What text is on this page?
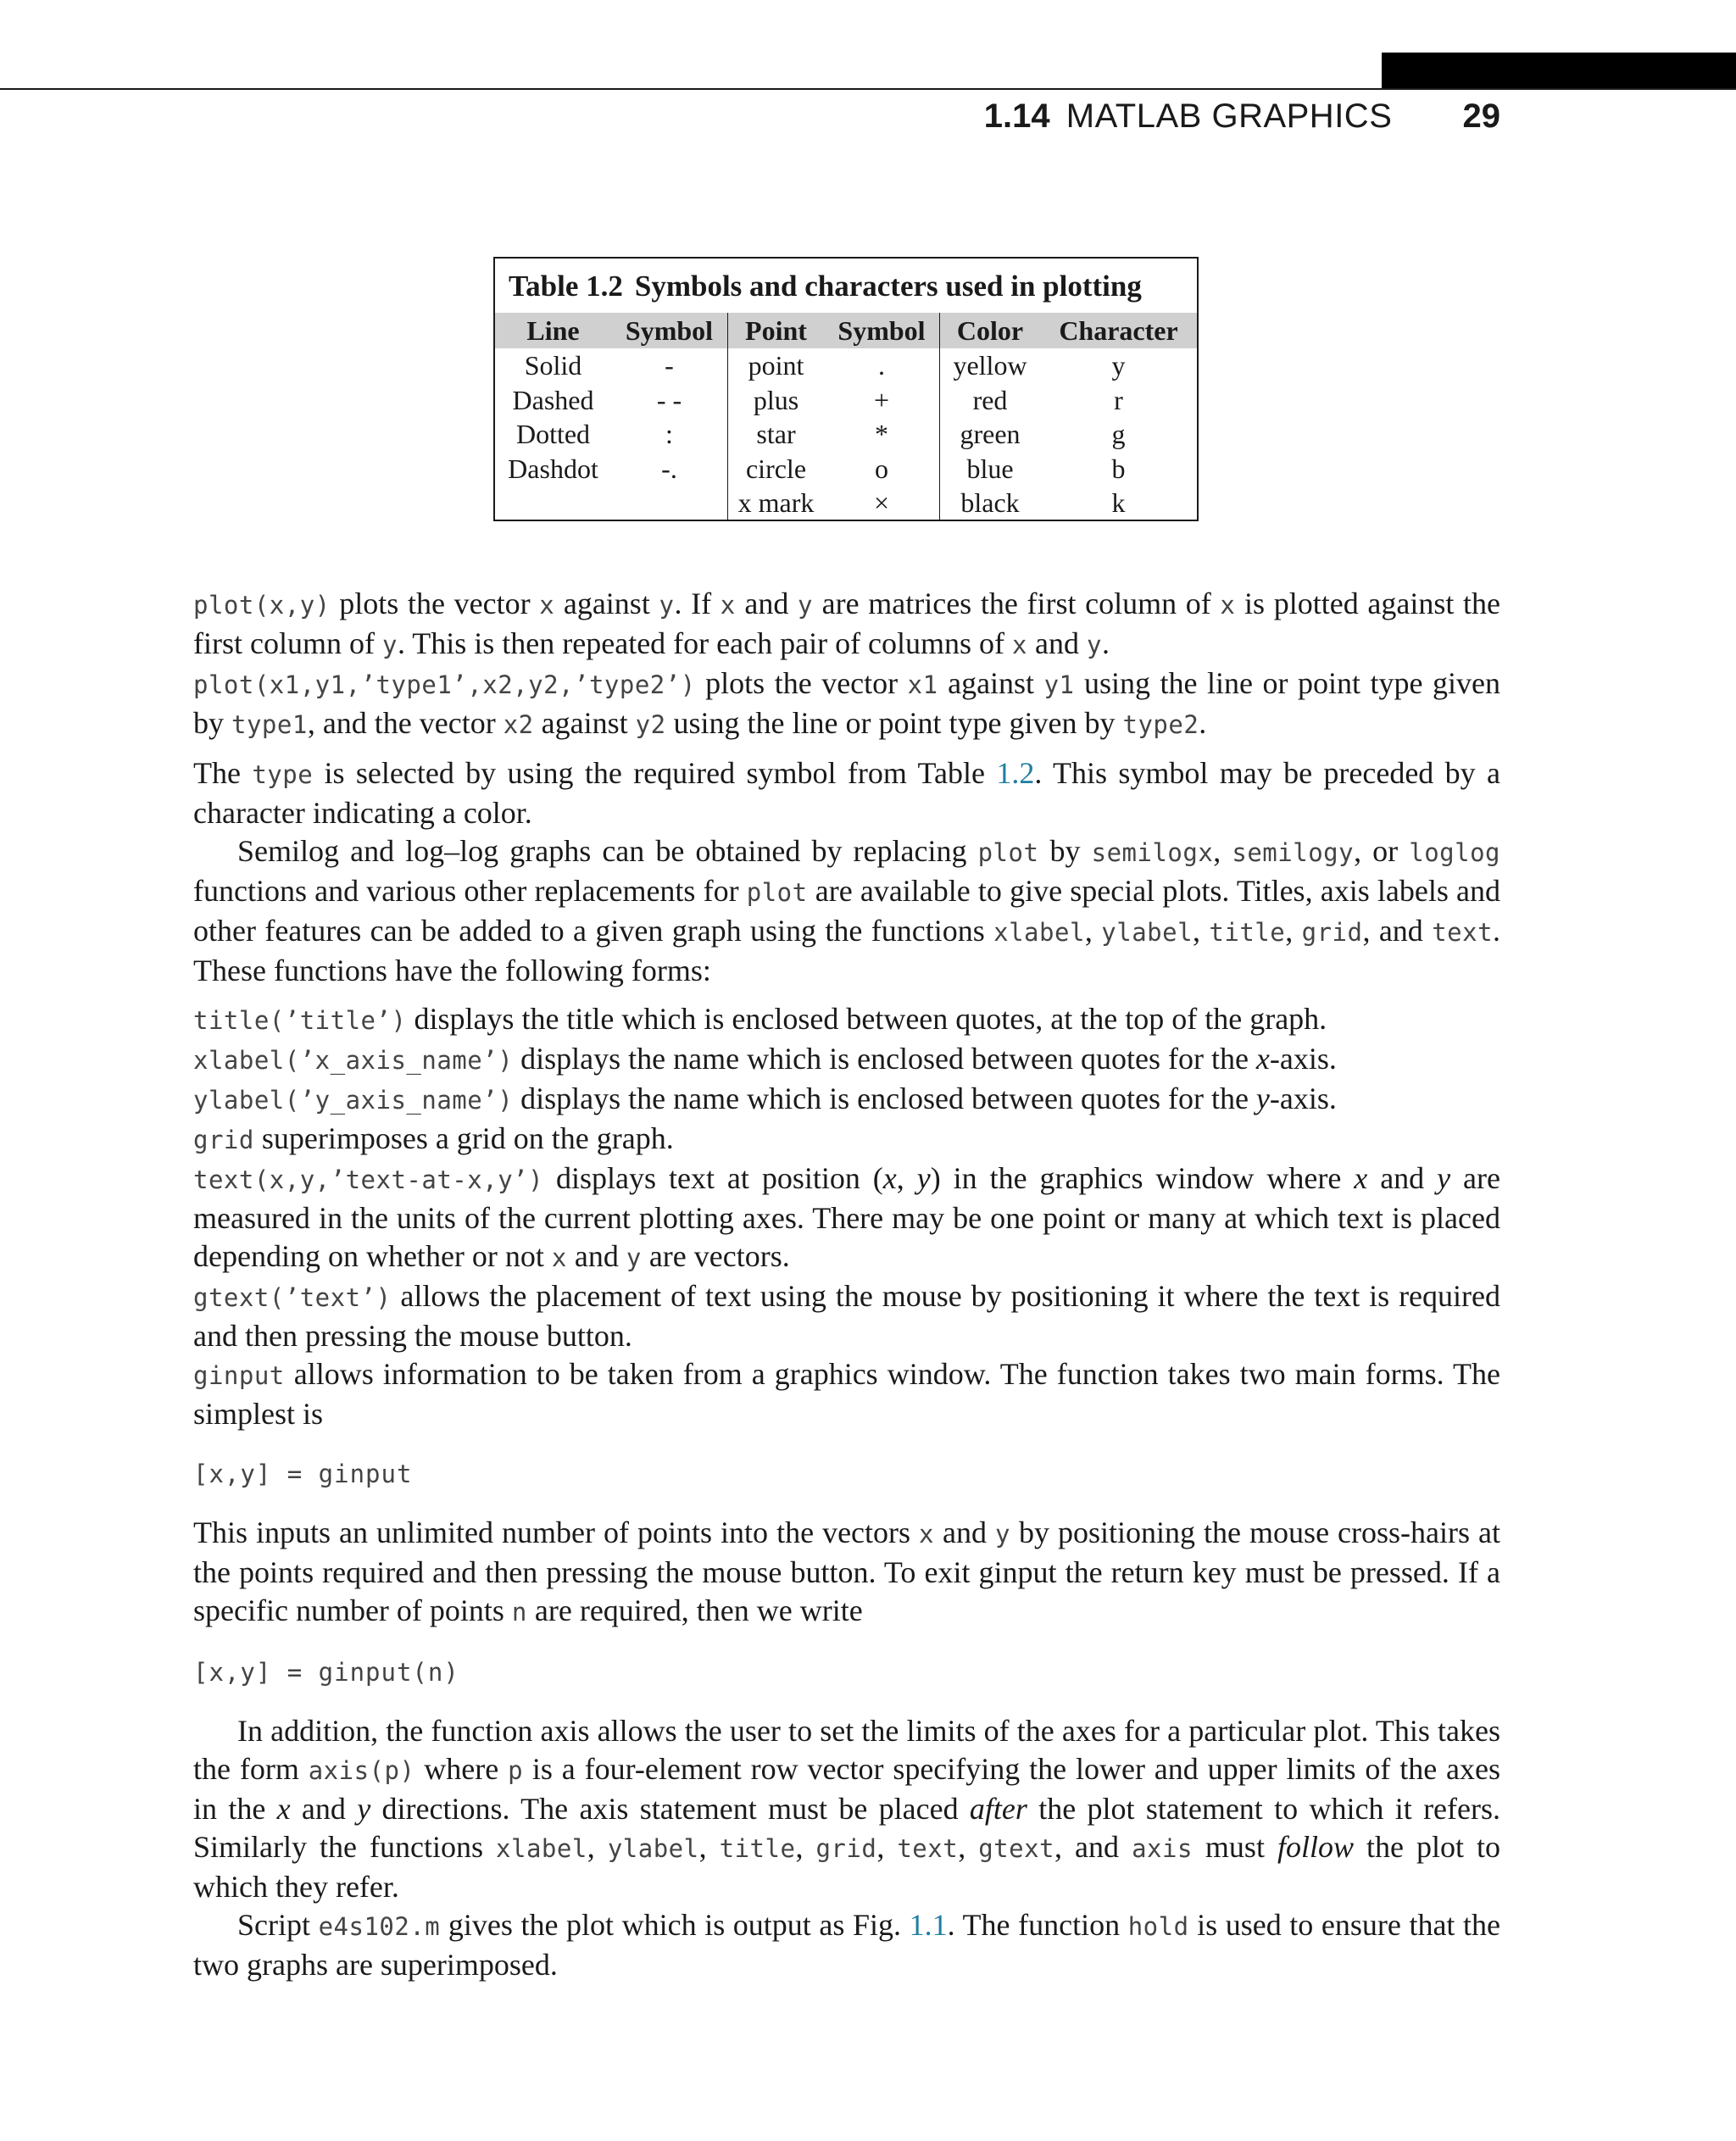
1.14 MATLAB GRAPHICS 29
Table 1.2 Symbols and characters used in plotting
Line	Symbol	Point	Symbol	Color	Character
Solid	-	point	.	yellow	y
Dashed	- -	plus	+	red	r
Dotted	:	star	*	green	g
Dashdot	-.	circle	o	blue	b
		x mark	×	black	k

plot(x,y) plots the vector x against y. If x and y are matrices the first column of x is plotted against the first column of y. This is then repeated for each pair of columns of x and y.

plot(x1,y1,’type1’,x2,y2,’type2’) plots the vector x1 against y1 using the line or point type given by type1, and the vector x2 against y2 using the line or point type given by type2.

The type is selected by using the required symbol from Table 1.2. This symbol may be preceded by a character indicating a color.

Semilog and log–log graphs can be obtained by replacing plot by semilogx, semilogy, or loglog functions and various other replacements for plot are available to give special plots. Titles, axis labels and other features can be added to a given graph using the functions xlabel, ylabel, title, grid, and text. These functions have the following forms:

title(’title’) displays the title which is enclosed between quotes, at the top of the graph.

xlabel(’x_axis_name’) displays the name which is enclosed between quotes for the x-axis.

ylabel(’y_axis_name’) displays the name which is enclosed between quotes for the y-axis.

grid superimposes a grid on the graph.

text(x,y,’text-at-x,y’) displays text at position (x, y) in the graphics window where x and y are measured in the units of the current plotting axes. There may be one point or many at which text is placed depending on whether or not x and y are vectors.

gtext(’text’) allows the placement of text using the mouse by positioning it where the text is required and then pressing the mouse button.

ginput allows information to be taken from a graphics window. The function takes two main forms. The simplest is

[x,y] = ginput

This inputs an unlimited number of points into the vectors x and y by positioning the mouse cross-hairs at the points required and then pressing the mouse button. To exit ginput the return key must be pressed. If a specific number of points n are required, then we write

[x,y] = ginput(n)

In addition, the function axis allows the user to set the limits of the axes for a particular plot. This takes the form axis(p) where p is a four-element row vector specifying the lower and upper limits of the axes in the x and y directions. The axis statement must be placed after the plot statement to which it refers. Similarly the functions xlabel, ylabel, title, grid, text, gtext, and axis must follow the plot to which they refer.

Script e4s102.m gives the plot which is output as Fig. 1.1. The function hold is used to ensure that the two graphs are superimposed.
